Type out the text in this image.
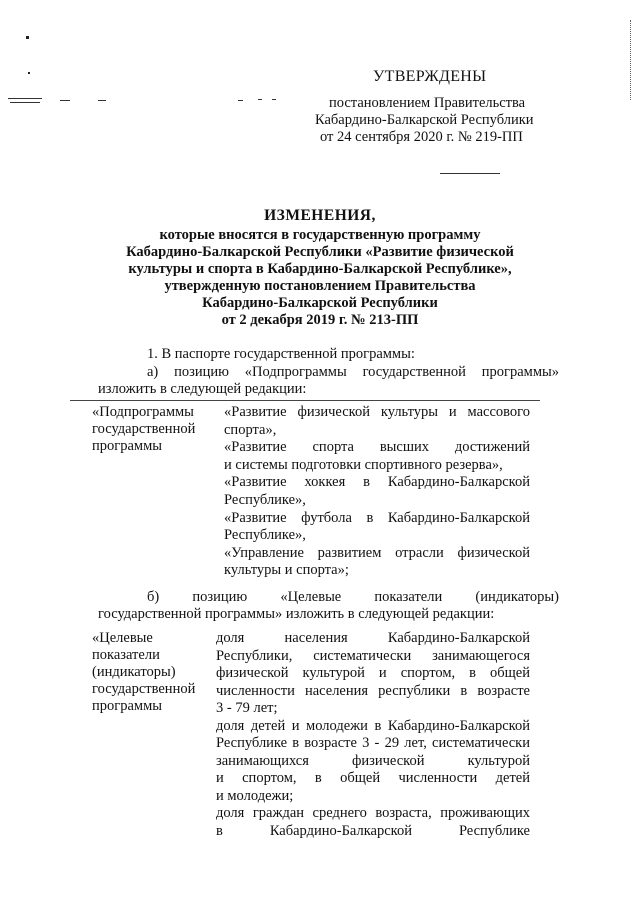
УТВЕРЖДЕНЫ
постановлением Правительства
Кабардино-Балкарской Республики
от 24 сентября 2020 г. № 219-ПП
ИЗМЕНЕНИЯ,
которые вносятся в государственную программу
Кабардино-Балкарской Республики «Развитие физической
культуры и спорта в Кабардино-Балкарской Республике»,
утвержденную постановлением Правительства
Кабардино-Балкарской Республики
от 2 декабря 2019 г. № 213-ПП
1. В паспорте государственной программы:
а) позицию «Подпрограммы государственной программы»
изложить в следующей редакции:
«Подпрограммы
государственной
программы
«Развитие физической культуры и массового
спорта»,
«Развитие спорта высших достижений
и системы подготовки спортивного резерва»,
«Развитие хоккея в Кабардино-Балкарской
Республике»,
«Развитие футбола в Кабардино-Балкарской
Республике»,
«Управление развитием отрасли физической
культуры и спорта»;
б) позицию «Целевые показатели (индикаторы)
государственной программы» изложить в следующей редакции:
«Целевые
показатели
(индикаторы)
государственной
программы
доля населения Кабардино-Балкарской
Республики, систематически занимающегося
физической культурой и спортом, в общей
численности населения республики в возрасте
3 - 79 лет;
доля детей и молодежи в Кабардино-Балкарской
Республике в возрасте 3 - 29 лет, систематически
занимающихся физической культурой
и спортом, в общей численности детей
и молодежи;
доля граждан среднего возраста, проживающих
в Кабардино-Балкарской Республике
